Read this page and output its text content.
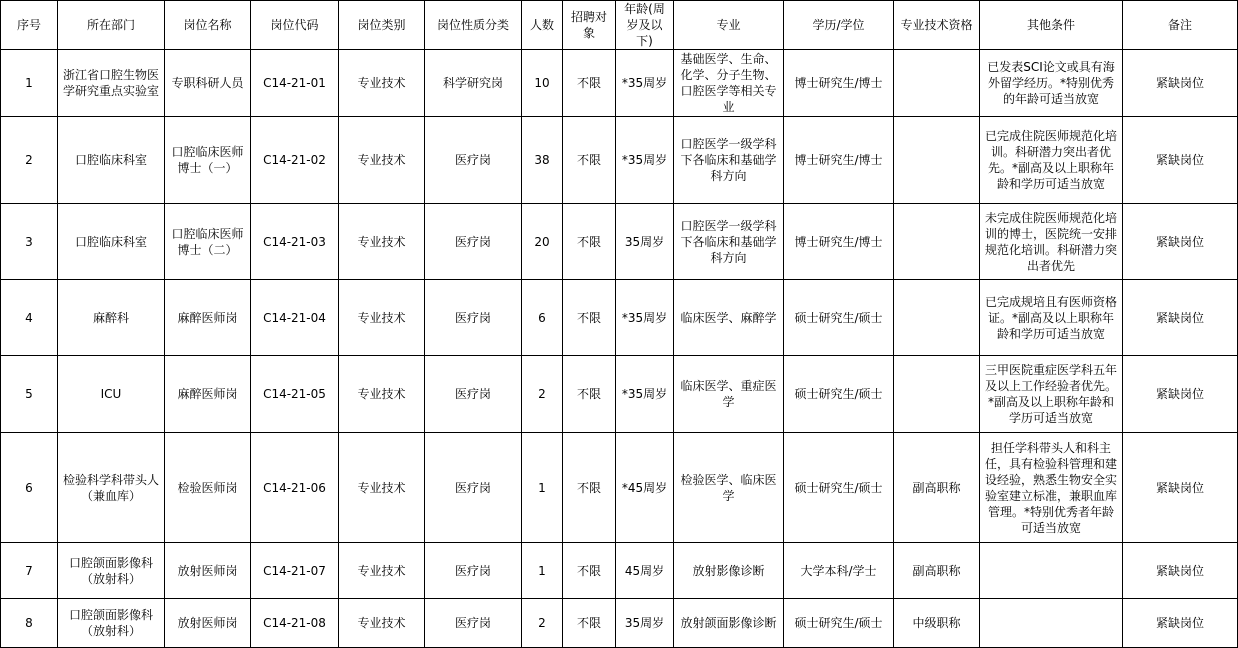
序号	所在部门	岗位名称	岗位代码	岗位类别	岗位性质分类	人数	招聘对象	年龄(周岁及以下)	专业	学历/学位	专业技术资格	其他条件	备注
1	浙江省口腔生物医学研究重点实验室	专职科研人员	C14-21-01	专业技术	科学研究岗	10	不限	*35周岁	基础医学、生命、化学、分子生物、口腔医学等相关专业	博士研究生/博士		已发表SCI论文或具有海外留学经历。*特别优秀的年龄可适当放宽	紧缺岗位
2	口腔临床科室	口腔临床医师博士（一）	C14-21-02	专业技术	医疗岗	38	不限	*35周岁	口腔医学一级学科下各临床和基础学科方向	博士研究生/博士		已完成住院医师规范化培训。科研潜力突出者优先。*副高及以上职称年龄和学历可适当放宽	紧缺岗位
3	口腔临床科室	口腔临床医师博士（二）	C14-21-03	专业技术	医疗岗	20	不限	35周岁	口腔医学一级学科下各临床和基础学科方向	博士研究生/博士		未完成住院医师规范化培训的博士，医院统一安排规范化培训。科研潜力突出者优先	紧缺岗位
4	麻醉科	麻醉医师岗	C14-21-04	专业技术	医疗岗	6	不限	*35周岁	临床医学、麻醉学	硕士研究生/硕士		已完成规培且有医师资格证。*副高及以上职称年龄和学历可适当放宽	紧缺岗位
5	ICU	麻醉医师岗	C14-21-05	专业技术	医疗岗	2	不限	*35周岁	临床医学、重症医学	硕士研究生/硕士		三甲医院重症医学科五年及以上工作经验者优先。*副高及以上职称年龄和学历可适当放宽	紧缺岗位
6	检验科学科带头人（兼血库）	检验医师岗	C14-21-06	专业技术	医疗岗	1	不限	*45周岁	检验医学、临床医学	硕士研究生/硕士	副高职称	担任学科带头人和科主任，具有检验科管理和建设经验，熟悉生物安全实验室建立标准，兼职血库管理。*特别优秀者年龄可适当放宽	紧缺岗位
7	口腔颌面影像科（放射科）	放射医师岗	C14-21-07	专业技术	医疗岗	1	不限	45周岁	放射影像诊断	大学本科/学士	副高职称		紧缺岗位
8	口腔颌面影像科（放射科）	放射医师岗	C14-21-08	专业技术	医疗岗	2	不限	35周岁	放射颌面影像诊断	硕士研究生/硕士	中级职称		紧缺岗位
